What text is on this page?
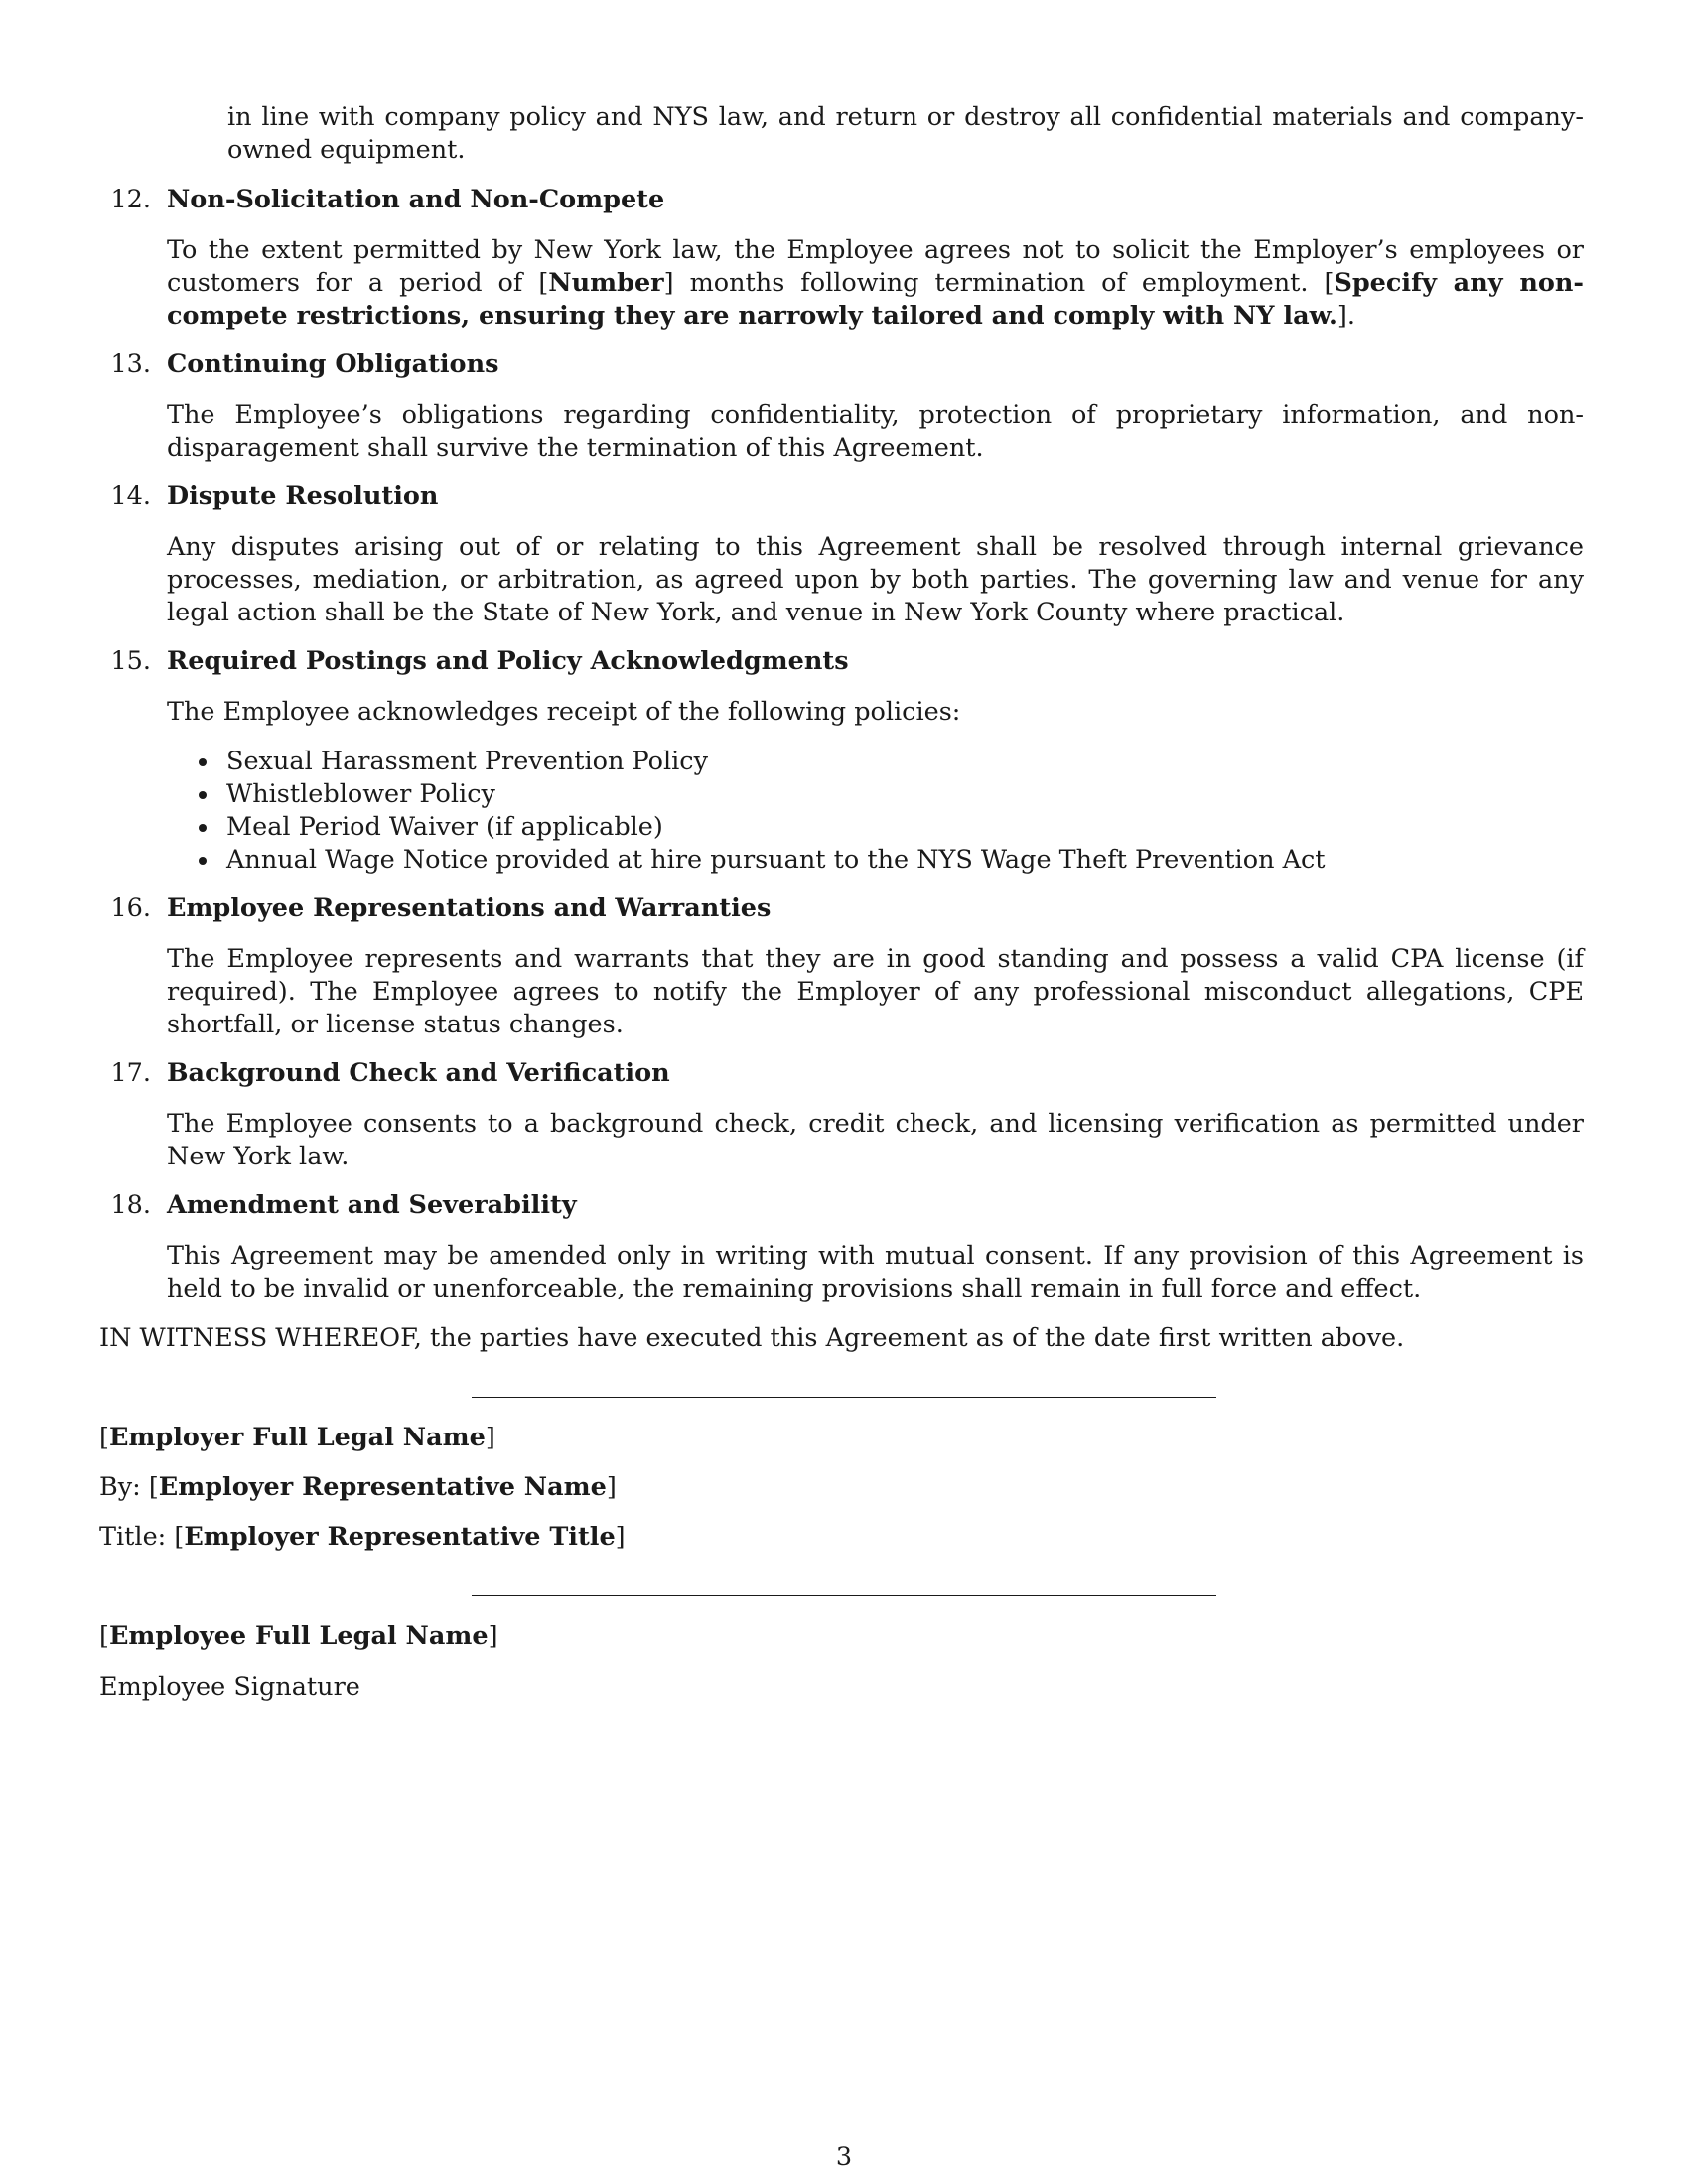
in line with company policy and NYS law, and return or destroy all confidential materials and company-owned equipment.
12. Non-Solicitation and Non-Compete
To the extent permitted by New York law, the Employee agrees not to solicit the Employer’s employees or customers for a period of [Number] months following termination of employment. [Specify any non-compete restrictions, ensuring they are narrowly tailored and comply with NY law.].
13. Continuing Obligations
The Employee’s obligations regarding confidentiality, protection of proprietary information, and non-disparagement shall survive the termination of this Agreement.
14. Dispute Resolution
Any disputes arising out of or relating to this Agreement shall be resolved through internal grievance processes, mediation, or arbitration, as agreed upon by both parties. The governing law and venue for any legal action shall be the State of New York, and venue in New York County where practical.
15. Required Postings and Policy Acknowledgments
The Employee acknowledges receipt of the following policies:
Sexual Harassment Prevention Policy
Whistleblower Policy
Meal Period Waiver (if applicable)
Annual Wage Notice provided at hire pursuant to the NYS Wage Theft Prevention Act
16. Employee Representations and Warranties
The Employee represents and warrants that they are in good standing and possess a valid CPA license (if required). The Employee agrees to notify the Employer of any professional misconduct allegations, CPE shortfall, or license status changes.
17. Background Check and Verification
The Employee consents to a background check, credit check, and licensing verification as permitted under New York law.
18. Amendment and Severability
This Agreement may be amended only in writing with mutual consent. If any provision of this Agreement is held to be invalid or unenforceable, the remaining provisions shall remain in full force and effect.
IN WITNESS WHEREOF, the parties have executed this Agreement as of the date first written above.
[Employer Full Legal Name]
By: [Employer Representative Name]
Title: [Employer Representative Title]
[Employee Full Legal Name]
Employee Signature
3
